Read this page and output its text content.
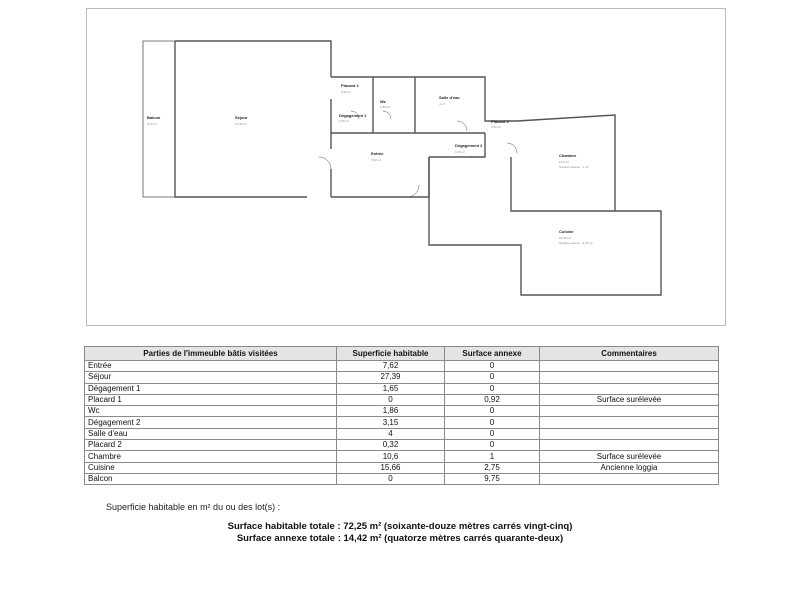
Balcon
9,75 m²
Séjour
27,39 m²
Placard 1
0,92 m²
Dégagement 1
1,65 m²
Wc
1,86 m²
Salle d'eau
4 m²
Placard 2
0,32 m²
Entrée
7,62 m²
Dégagement 2
3,15 m²
Chambre
10,6 m²
Surface annexe : 1 m²
Cuisine
15,66 m²
Surface annexe : 2,75 m²
Parties de l'immeuble bâtis visitées	Superficie habitable	Surface annexe	Commentaires
Entrée	7,62	0	
Séjour	27,39	0	
Dégagement 1	1,65	0	
Placard 1	0	0,92	Surface surélevée
Wc	1,86	0	
Dégagement 2	3,15	0	
Salle d'eau	4	0	
Placard 2	0,32	0	
Chambre	10,6	1	Surface surélevée
Cuisine	15,66	2,75	Ancienne loggia
Balcon	0	9,75	
Superficie habitable en m² du ou des lot(s) :
Surface habitable totale : 72,25 m² (soixante-douze mètres carrés vingt-cinq)
Surface annexe totale : 14,42 m² (quatorze mètres carrés quarante-deux)
